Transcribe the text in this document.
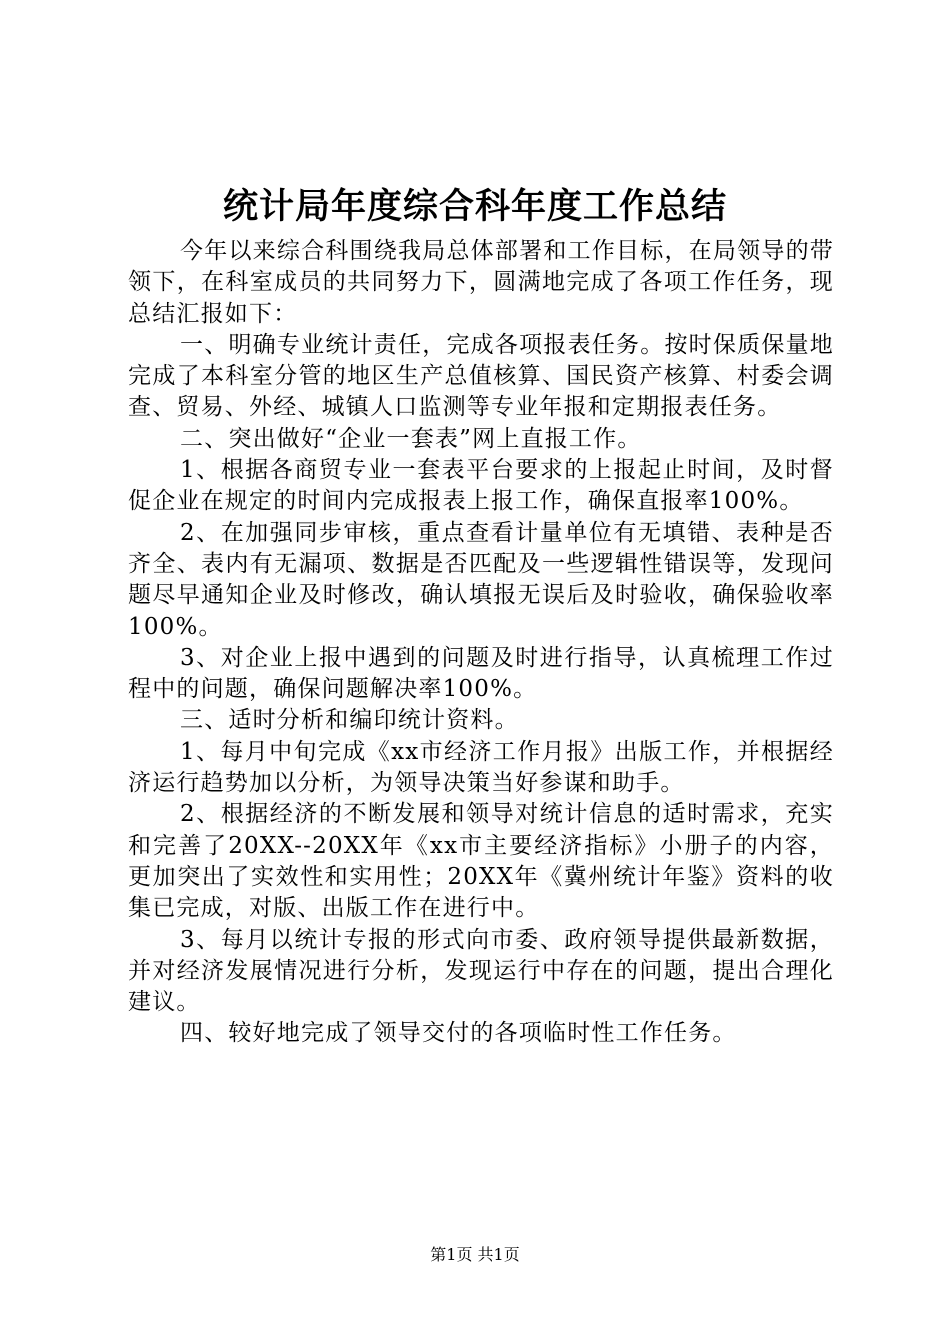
统计局年度综合科年度工作总结

今年以来综合科围绕我局总体部署和工作目标，在局领导的带领下，在科室成员的共同努力下，圆满地完成了各项工作任务，现总结汇报如下：

一、明确专业统计责任，完成各项报表任务。按时保质保量地完成了本科室分管的地区生产总值核算、国民资产核算、村委会调查、贸易、外经、城镇人口监测等专业年报和定期报表任务。

二、突出做好“企业一套表”网上直报工作。

1、根据各商贸专业一套表平台要求的上报起止时间，及时督促企业在规定的时间内完成报表上报工作，确保直报率100%。

2、在加强同步审核，重点查看计量单位有无填错、表种是否齐全、表内有无漏项、数据是否匹配及一些逻辑性错误等，发现问题尽早通知企业及时修改，确认填报无误后及时验收，确保验收率100%。

3、对企业上报中遇到的问题及时进行指导，认真梳理工作过程中的问题，确保问题解决率100%。

三、适时分析和编印统计资料。

1、每月中旬完成《xx市经济工作月报》出版工作，并根据经济运行趋势加以分析，为领导决策当好参谋和助手。

2、根据经济的不断发展和领导对统计信息的适时需求，充实和完善了20XX--20XX年《xx市主要经济指标》小册子的内容，更加突出了实效性和实用性；20XX年《冀州统计年鉴》资料的收集已完成，对版、出版工作在进行中。

3、每月以统计专报的形式向市委、政府领导提供最新数据，并对经济发展情况进行分析，发现运行中存在的问题，提出合理化建议。

四、较好地完成了领导交付的各项临时性工作任务。

第1页 共1页
